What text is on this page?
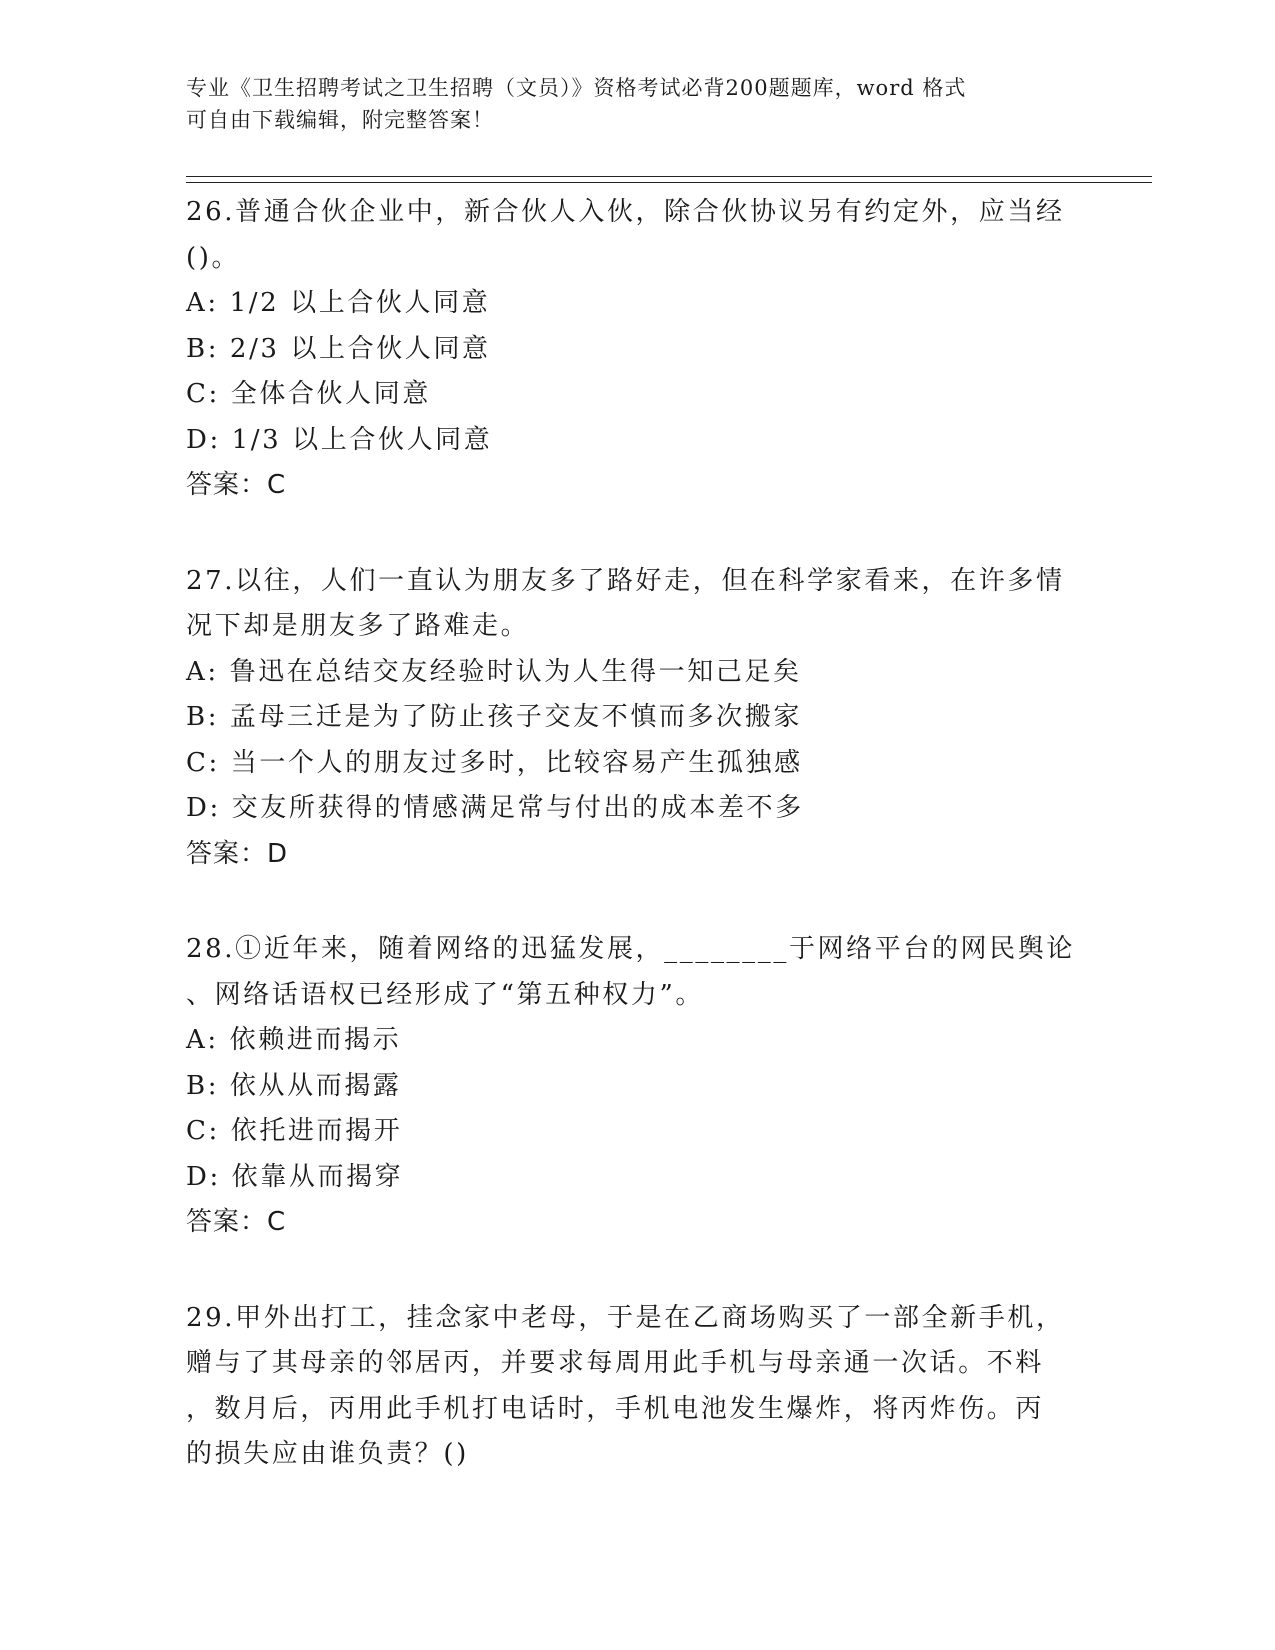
专业《卫生招聘考试之卫生招聘（文员）》资格考试必背200题题库，word 格式
可自由下载编辑，附完整答案！
26.普通合伙企业中，新合伙人入伙，除合伙协议另有约定外，应当经
()。
A: 1/2 以上合伙人同意
B: 2/3 以上合伙人同意
C: 全体合伙人同意
D: 1/3 以上合伙人同意
答案：C
27.以往，人们一直认为朋友多了路好走，但在科学家看来，在许多情
况下却是朋友多了路难走。
A: 鲁迅在总结交友经验时认为人生得一知己足矣
B: 孟母三迁是为了防止孩子交友不慎而多次搬家
C: 当一个人的朋友过多时，比较容易产生孤独感
D: 交友所获得的情感满足常与付出的成本差不多
答案：D
28.①近年来，随着网络的迅猛发展，________于网络平台的网民舆论
、网络话语权已经形成了“第五种权力”。
A: 依赖进而揭示
B: 依从从而揭露
C: 依托进而揭开
D: 依靠从而揭穿
答案：C
29.甲外出打工，挂念家中老母，于是在乙商场购买了一部全新手机，
赠与了其母亲的邻居丙，并要求每周用此手机与母亲通一次话。不料
，数月后，丙用此手机打电话时，手机电池发生爆炸，将丙炸伤。丙
的损失应由谁负责？()
